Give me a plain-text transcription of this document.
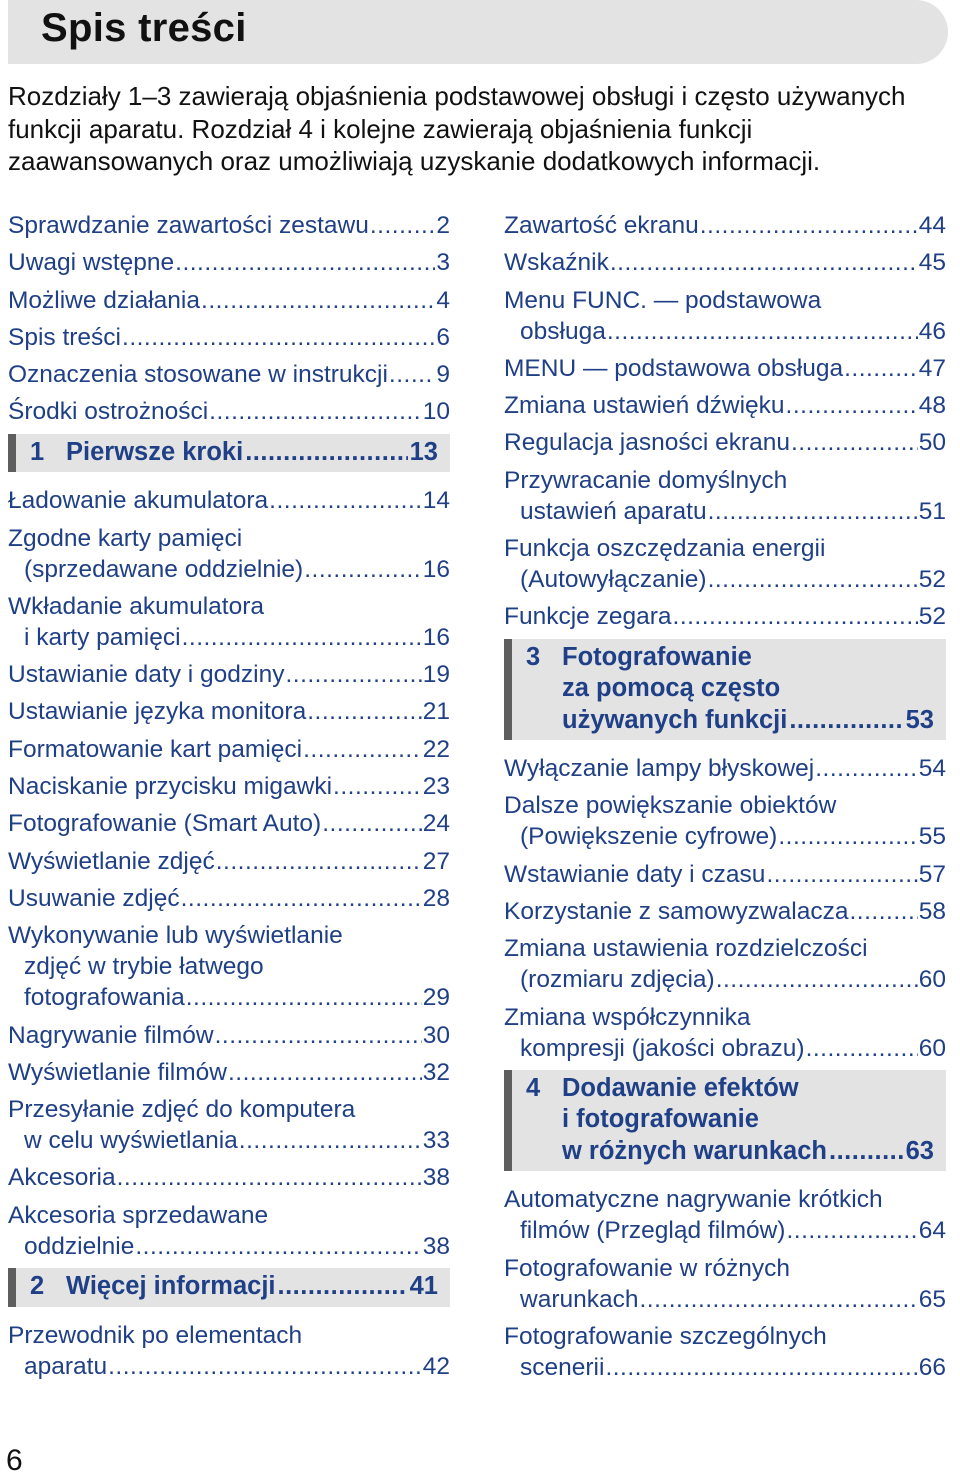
Spis treści
Rozdziały 1–3 zawierają objaśnienia podstawowej obsługi i często używanych funkcji aparatu. Rozdział 4 i kolejne zawierają objaśnienia funkcji zaawansowanych oraz umożliwiają uzyskanie dodatkowych informacji.
Sprawdzanie zawartości zestawu .....	2
Uwagi wstępne .....	3
Możliwe działania .....	4
Spis treści .....	6
Oznaczenia stosowane w instrukcji ..... 9
Środki ostrożności .....	10
1 Pierwsze kroki .....	13
Ładowanie akumulatora .....	14
Zgodne karty pamięci
(sprzedawane oddzielnie) .....	16
Wkładanie akumulatora
i karty pamięci .....	16
Ustawianie daty i godziny .....	19
Ustawianie języka monitora .....	21
Formatowanie kart pamięci .....	22
Naciskanie przycisku migawki .....	23
Fotografowanie (Smart Auto) .....	24
Wyświetlanie zdjęć .....	27
Usuwanie zdjęć .....	28
Wykonywanie lub wyświetlanie
zdjęć w trybie łatwego
fotografowania .....	29
Nagrywanie filmów .....	30
Wyświetlanie filmów .....	32
Przesyłanie zdjęć do komputera
w celu wyświetlania .....	33
Akcesoria .....	38
Akcesoria sprzedawane
oddzielnie .....	38
2 Więcej informacji .....	41
Przewodnik po elementach
aparatu .....	42
Zawartość ekranu .....	44
Wskaźnik .....	45
Menu FUNC. — podstawowa
obsługa .....	46
MENU — podstawowa obsługa .....	47
Zmiana ustawień dźwięku .....	48
Regulacja jasności ekranu .....	50
Przywracanie domyślnych
ustawień aparatu .....	51
Funkcja oszczędzania energii
(Autowyłączanie) .....	52
Funkcje zegara .....	52
3 Fotografowanie
za pomocą często
używanych funkcji .....	53
Wyłączanie lampy błyskowej .....	54
Dalsze powiększanie obiektów
(Powiększenie cyfrowe) .....	55
Wstawianie daty i czasu .....	57
Korzystanie z samowyzwalacza .....	58
Zmiana ustawienia rozdzielczości
(rozmiaru zdjęcia) .....	60
Zmiana współczynnika
kompresji (jakości obrazu) .....	60
4 Dodawanie efektów
i fotografowanie
w różnych warunkach .....	63
Automatyczne nagrywanie krótkich
filmów (Przegląd filmów) .....	64
Fotografowanie w różnych
warunkach .....	65
Fotografowanie szczególnych
scenerii .....	66
6
